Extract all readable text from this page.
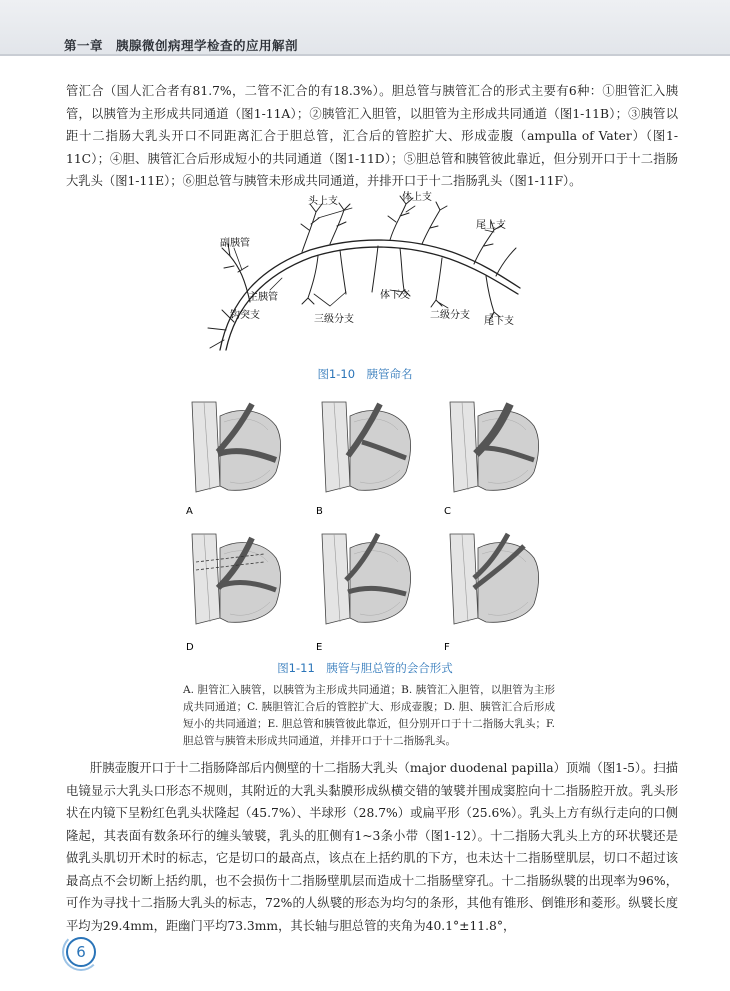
第一章　胰腺微创病理学检查的应用解剖

管汇合（国人汇合者有81.7%，二管不汇合的有18.3%）。胆总管与胰管汇合的形式主要有6种：①胆管汇入胰管，以胰管为主形成共同通道（图1-11A）；②胰管汇入胆管，以胆管为主形成共同通道（图1-11B）；③胰管以距十二指肠大乳头开口不同距离汇合于胆总管，汇合后的管腔扩大、形成壶腹（ampulla of Vater）（图1-11C）；④胆、胰管汇合后形成短小的共同通道（图1-11D）；⑤胆总管和胰管彼此靠近，但分别开口于十二指肠大乳头（图1-11E）；⑥胆总管与胰管未形成共同通道，并排开口于十二指肠乳头（图1-11F）。

头上支	体上支
尾上支
副胰管
主胰管
钩突支	三级分支
体下支
二级分支
尾下支
图1-10　胰管命名
A	B	C
D	E	F
图1-11　胰管与胆总管的会合形式

A. 胆管汇入胰管，以胰管为主形成共同通道；B. 胰管汇入胆管，以胆管为主形成共同通道；C. 胰胆管汇合后的管腔扩大、形成壶腹；D. 胆、胰管汇合后形成短小的共同通道；E. 胆总管和胰管彼此靠近，但分别开口于十二指肠大乳头；F. 胆总管与胰管未形成共同通道，并排开口于十二指肠乳头。

肝胰壶腹开口于十二指肠降部后内侧壁的十二指肠大乳头（major duodenal papilla）顶端（图1-5）。扫描电镜显示大乳头口形态不规则，其附近的大乳头黏膜形成纵横交错的皱襞并围成窦腔向十二指肠腔开放。乳头形状在内镜下呈粉红色乳头状隆起（45.7%）、半球形（28.7%）或扁平形（25.6%）。乳头上方有纵行走向的口侧隆起，其表面有数条环行的缠头皱襞，乳头的肛侧有1~3条小带（图1-12）。十二指肠大乳头上方的环状襞还是做乳头肌切开术时的标志，它是切口的最高点，该点在上括约肌的下方，也未达十二指肠壁肌层，切口不超过该最高点不会切断上括约肌，也不会损伤十二指肠壁肌层而造成十二指肠壁穿孔。十二指肠纵襞的出现率为96%，可作为寻找十二指肠大乳头的标志，72%的人纵襞的形态为均匀的条形，其他有锥形、倒锥形和菱形。纵襞长度平均为29.4mm，距幽门平均73.3mm，其长轴与胆总管的夹角为40.1°±11.8°，

6
